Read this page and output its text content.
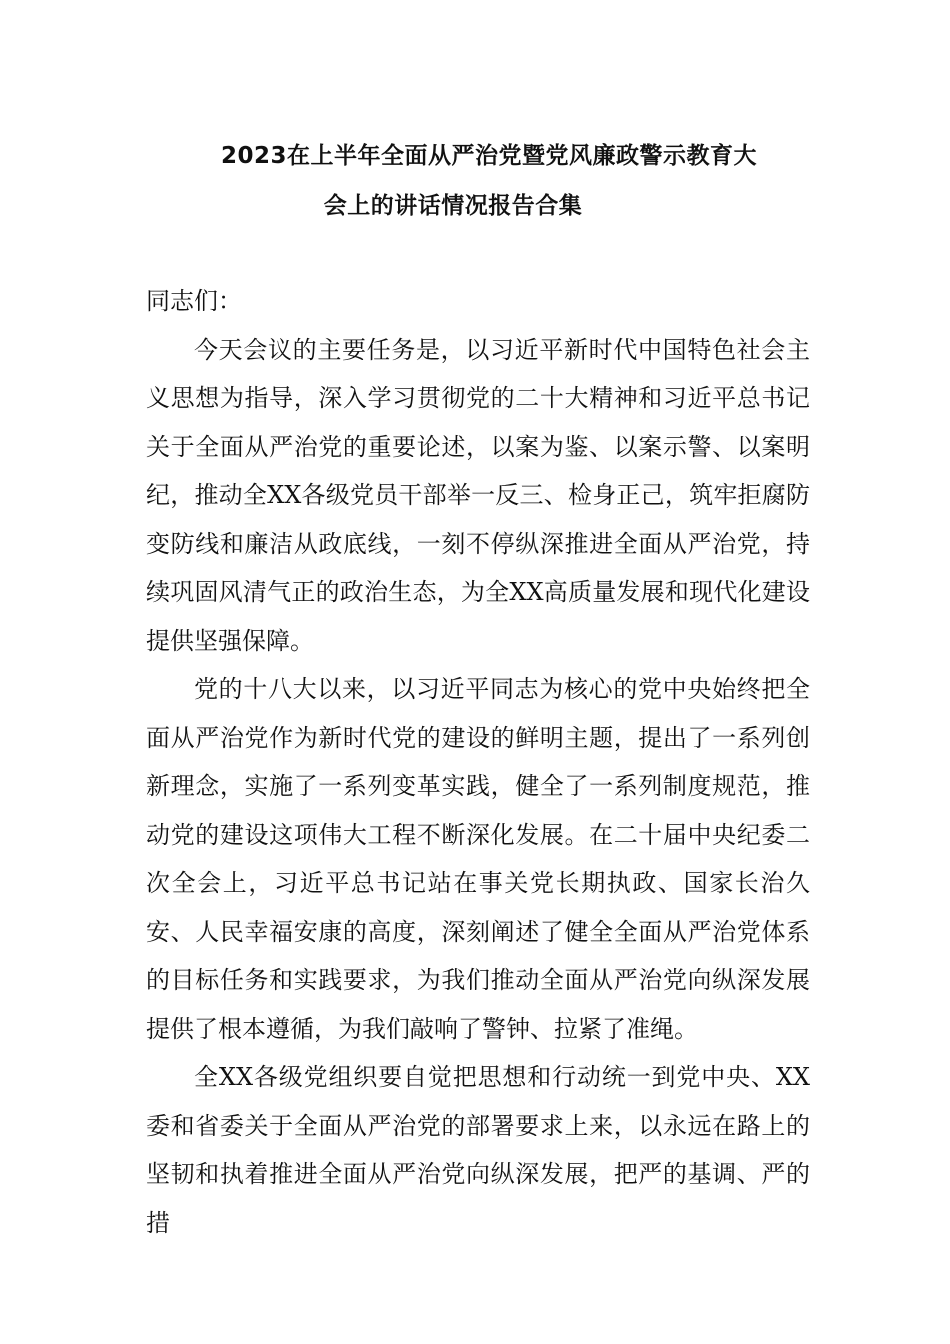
2023在上半年全面从严治党暨党风廉政警示教育大
会上的讲话情况报告合集

同志们：

今天会议的主要任务是，以习近平新时代中国特色社会主义思想为指导，深入学习贯彻党的二十大精神和习近平总书记关于全面从严治党的重要论述，以案为鉴、以案示警、以案明纪，推动全XX各级党员干部举一反三、检身正己，筑牢拒腐防变防线和廉洁从政底线，一刻不停纵深推进全面从严治党，持续巩固风清气正的政治生态，为全XX高质量发展和现代化建设提供坚强保障。

党的十八大以来，以习近平同志为核心的党中央始终把全面从严治党作为新时代党的建设的鲜明主题，提出了一系列创新理念，实施了一系列变革实践，健全了一系列制度规范，推动党的建设这项伟大工程不断深化发展。在二十届中央纪委二次全会上，习近平总书记站在事关党长期执政、国家长治久安、人民幸福安康的高度，深刻阐述了健全全面从严治党体系的目标任务和实践要求，为我们推动全面从严治党向纵深发展提供了根本遵循，为我们敲响了警钟、拉紧了准绳。

全XX各级党组织要自觉把思想和行动统一到党中央、XX委和省委关于全面从严治党的部署要求上来，以永远在路上的坚韧和执着推进全面从严治党向纵深发展，把严的基调、严的措
